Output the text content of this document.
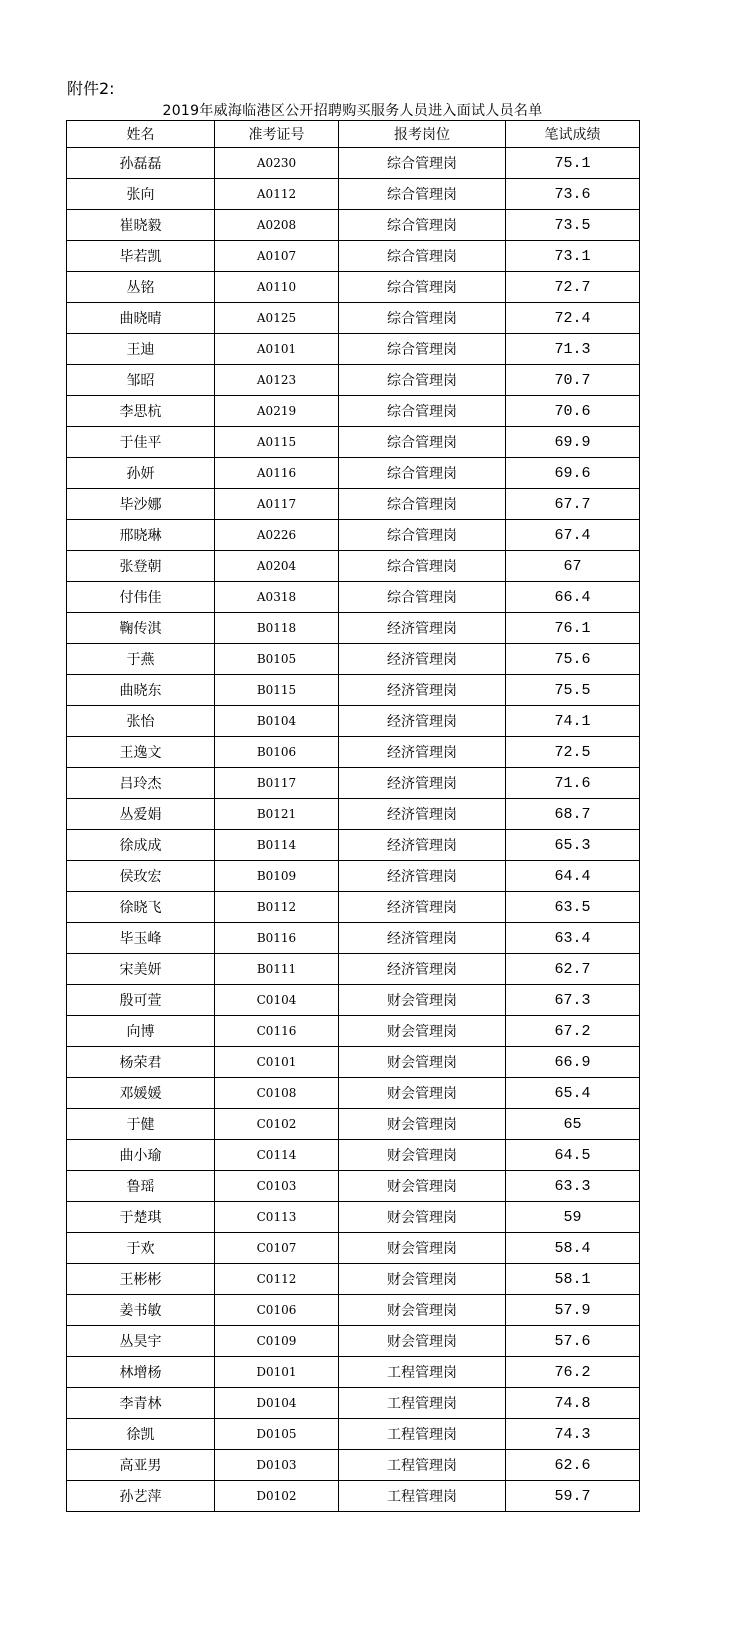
附件2:
2019年威海临港区公开招聘购买服务人员进入面试人员名单
姓名	准考证号	报考岗位	笔试成绩
孙磊磊	A0230	综合管理岗	75.1
张向	A0112	综合管理岗	73.6
崔晓毅	A0208	综合管理岗	73.5
毕若凯	A0107	综合管理岗	73.1
丛铭	A0110	综合管理岗	72.7
曲晓晴	A0125	综合管理岗	72.4
王迪	A0101	综合管理岗	71.3
邹昭	A0123	综合管理岗	70.7
李思杭	A0219	综合管理岗	70.6
于佳平	A0115	综合管理岗	69.9
孙妍	A0116	综合管理岗	69.6
毕沙娜	A0117	综合管理岗	67.7
邢晓琳	A0226	综合管理岗	67.4
张登朝	A0204	综合管理岗	67
付伟佳	A0318	综合管理岗	66.4
鞠传淇	B0118	经济管理岗	76.1
于燕	B0105	经济管理岗	75.6
曲晓东	B0115	经济管理岗	75.5
张怡	B0104	经济管理岗	74.1
王逸文	B0106	经济管理岗	72.5
吕玲杰	B0117	经济管理岗	71.6
丛爱娟	B0121	经济管理岗	68.7
徐成成	B0114	经济管理岗	65.3
侯玫宏	B0109	经济管理岗	64.4
徐晓飞	B0112	经济管理岗	63.5
毕玉峰	B0116	经济管理岗	63.4
宋美妍	B0111	经济管理岗	62.7
殷可萱	C0104	财会管理岗	67.3
向博	C0116	财会管理岗	67.2
杨荣君	C0101	财会管理岗	66.9
邓媛媛	C0108	财会管理岗	65.4
于健	C0102	财会管理岗	65
曲小瑜	C0114	财会管理岗	64.5
鲁瑶	C0103	财会管理岗	63.3
于楚琪	C0113	财会管理岗	59
于欢	C0107	财会管理岗	58.4
王彬彬	C0112	财会管理岗	58.1
姜书敏	C0106	财会管理岗	57.9
丛昊宇	C0109	财会管理岗	57.6
林增杨	D0101	工程管理岗	76.2
李青林	D0104	工程管理岗	74.8
徐凯	D0105	工程管理岗	74.3
高亚男	D0103	工程管理岗	62.6
孙艺萍	D0102	工程管理岗	59.7
